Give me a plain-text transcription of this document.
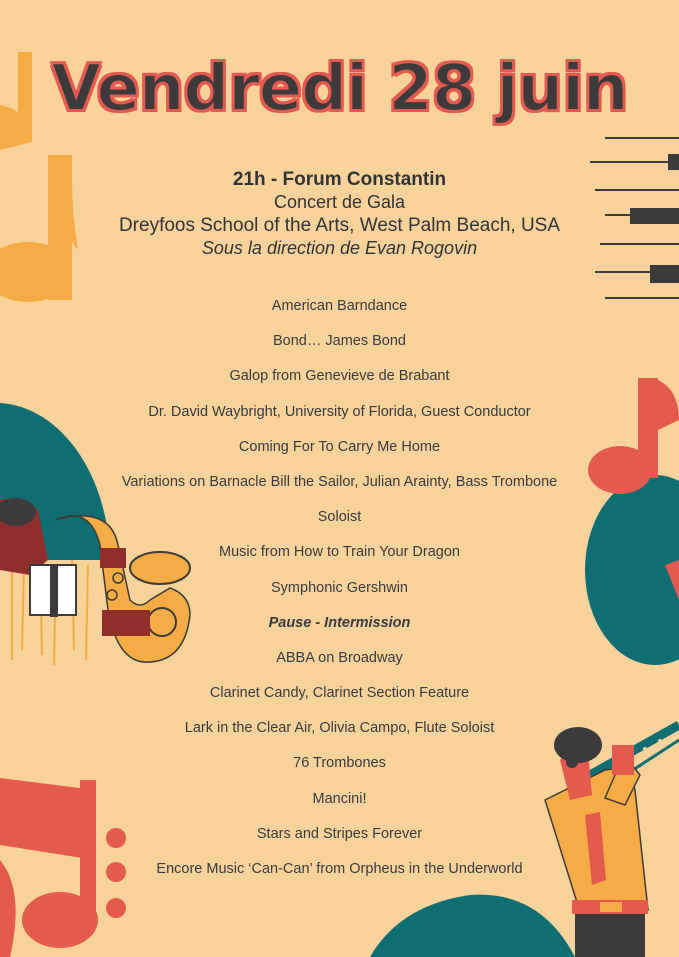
Vendredi 28 juin
21h - Forum Constantin
Concert de Gala
Dreyfoos School of the Arts, West Palm Beach, USA
Sous la direction de Evan Rogovin
American Barndance
Bond… James Bond
Galop from Genevieve de Brabant
Dr. David Waybright, University of Florida, Guest Conductor
Coming For To Carry Me Home
Variations on Barnacle Bill the Sailor, Julian Arainty, Bass Trombone
Soloist
Music from How to Train Your Dragon
Symphonic Gershwin
Pause - Intermission
ABBA on Broadway
Clarinet Candy, Clarinet Section Feature
Lark in the Clear Air, Olivia Campo, Flute Soloist
76 Trombones
Mancini!
Stars and Stripes Forever
Encore Music ‘Can-Can’ from Orpheus in the Underworld
